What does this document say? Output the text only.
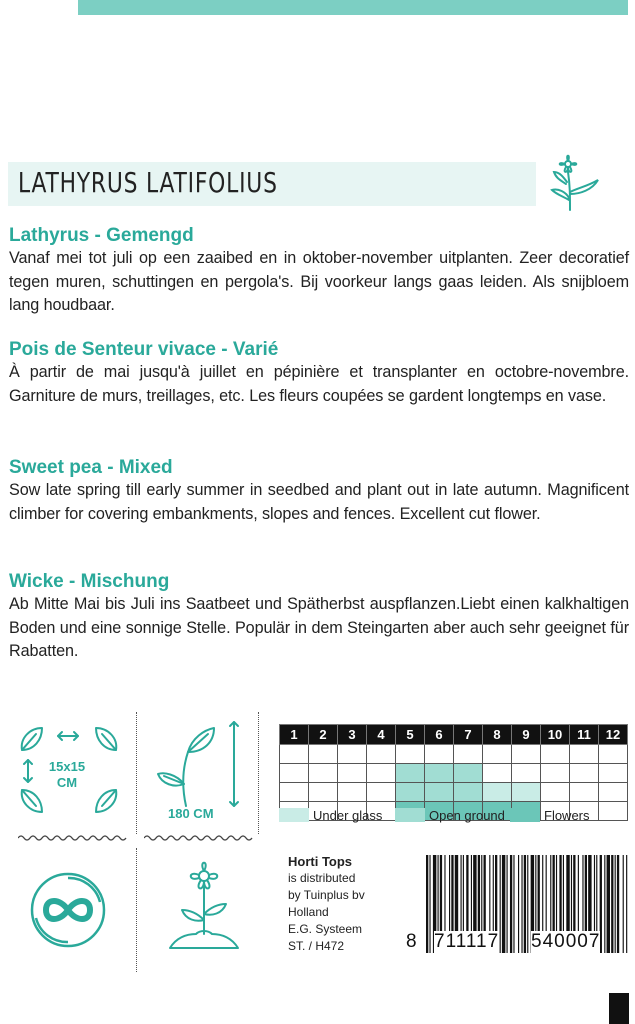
LATHYRUS LATIFOLIUS
Lathyrus - Gemengd
Vanaf mei tot juli op een zaaibed en in oktober-november uitplanten. Zeer decoratief tegen muren, schuttingen en pergola's. Bij voorkeur langs gaas leiden. Als snijbloem lang houdbaar.
Pois de Senteur vivace - Varié
À partir de mai jusqu'à juillet en pépinière et transplanter en octobre-novembre. Garniture de murs, treillages, etc. Les fleurs coupées se gardent longtemps en vase.
Sweet pea - Mixed
Sow late spring till early summer in seedbed and plant out in late autumn. Magnificent climber for covering embankments, slopes and fences. Excellent cut flower.
Wicke - Mischung
Ab Mitte Mai bis Juli ins Saatbeet und Spätherbst auspflanzen.Liebt einen kalkhaltigen Boden und eine sonnige Stelle. Populär in dem Steingarten aber auch sehr geeignet für Rabatten.
15x15
CM
180 CM
1	2	3	4	5	6	7	8	9	10	11	12

Under glass	Open ground	Flowers
Horti Tops
is distributed
by Tuinplus bv
Holland
E.G. Systeem
ST. / H472	8 711117 540007
